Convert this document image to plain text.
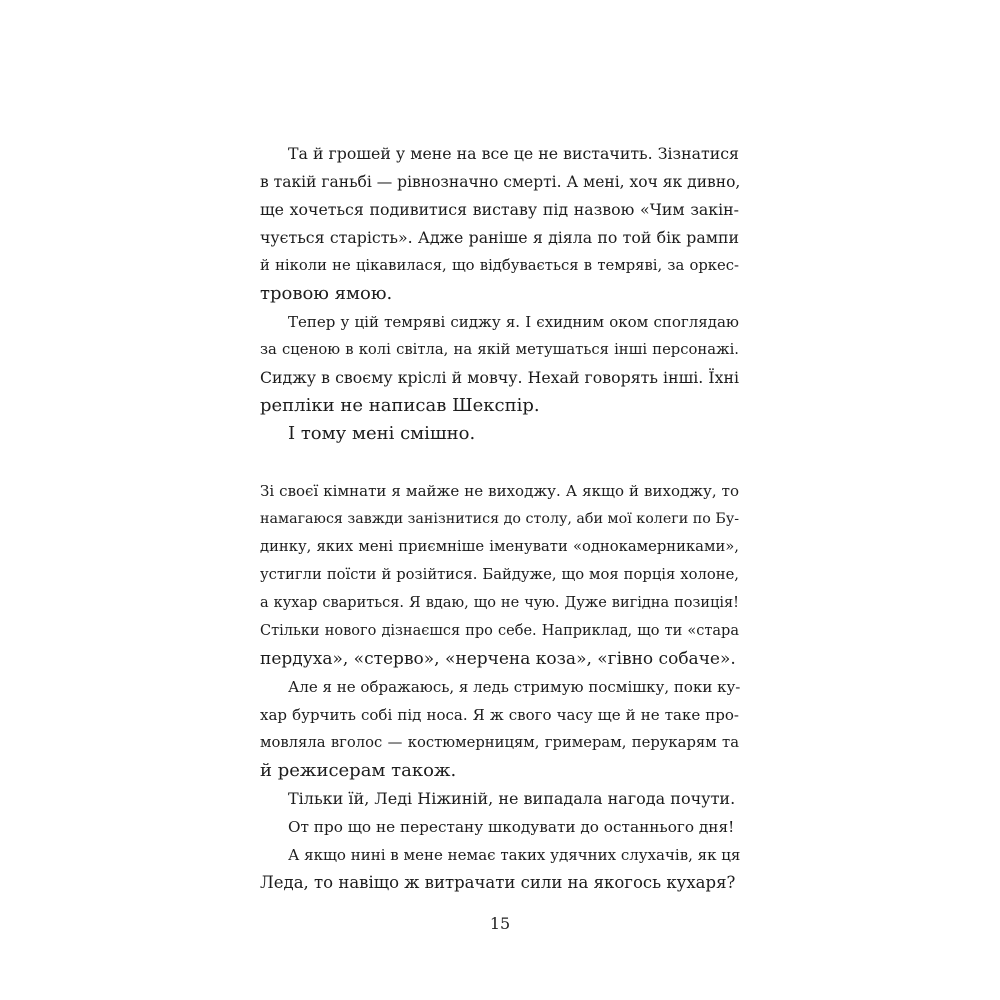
Та й грошей у мене на все це не вистачить. Зізнатися
в такій ганьбі — рівнозначно смерті. А мені, хоч як дивно,
ще хочеться подивитися виставу під назвою «Чим закін-
чується старість». Адже раніше я діяла по той бік рампи
й ніколи не цікавилася, що відбувається в темряві, за оркес-
тровою ямою.
Тепер у цій темряві сиджу я. І єхидним оком споглядаю
за сценою в колі світла, на якій метушаться інші персонажі.
Сиджу в своєму кріслі й мовчу. Нехай говорять інші. Їхні
репліки не написав Шекспір.
І тому мені смішно.
Зі своєї кімнати я майже не виходжу. А якщо й виходжу, то
намагаюся завжди занізнитися до столу, аби мої колеги по Бу-
динку, яких мені приємніше іменувати «однокамерниками»,
устигли поїсти й розійтися. Байдуже, що моя порція холоне,
а кухар свариться. Я вдаю, що не чую. Дуже вигідна позиція!
Стільки нового дізнаєшся про себе. Наприклад, що ти «стара
пердуха», «стерво», «нерчена коза», «гівно собаче».
Але я не ображаюсь, я ледь стримую посмішку, поки ку-
хар бурчить собі під носа. Я ж свого часу ще й не таке про-
мовляла вголос — костюмерницям, гримерам, перукарям та
й режисерам також.
Тільки їй, Леді Ніжиній, не випадала нагода почути.
От про що не перестану шкодувати до останнього дня!
А якщо нині в мене немає таких удячних слухачів, як ця
Леда, то навіщо ж витрачати сили на якогось кухаря?
15
